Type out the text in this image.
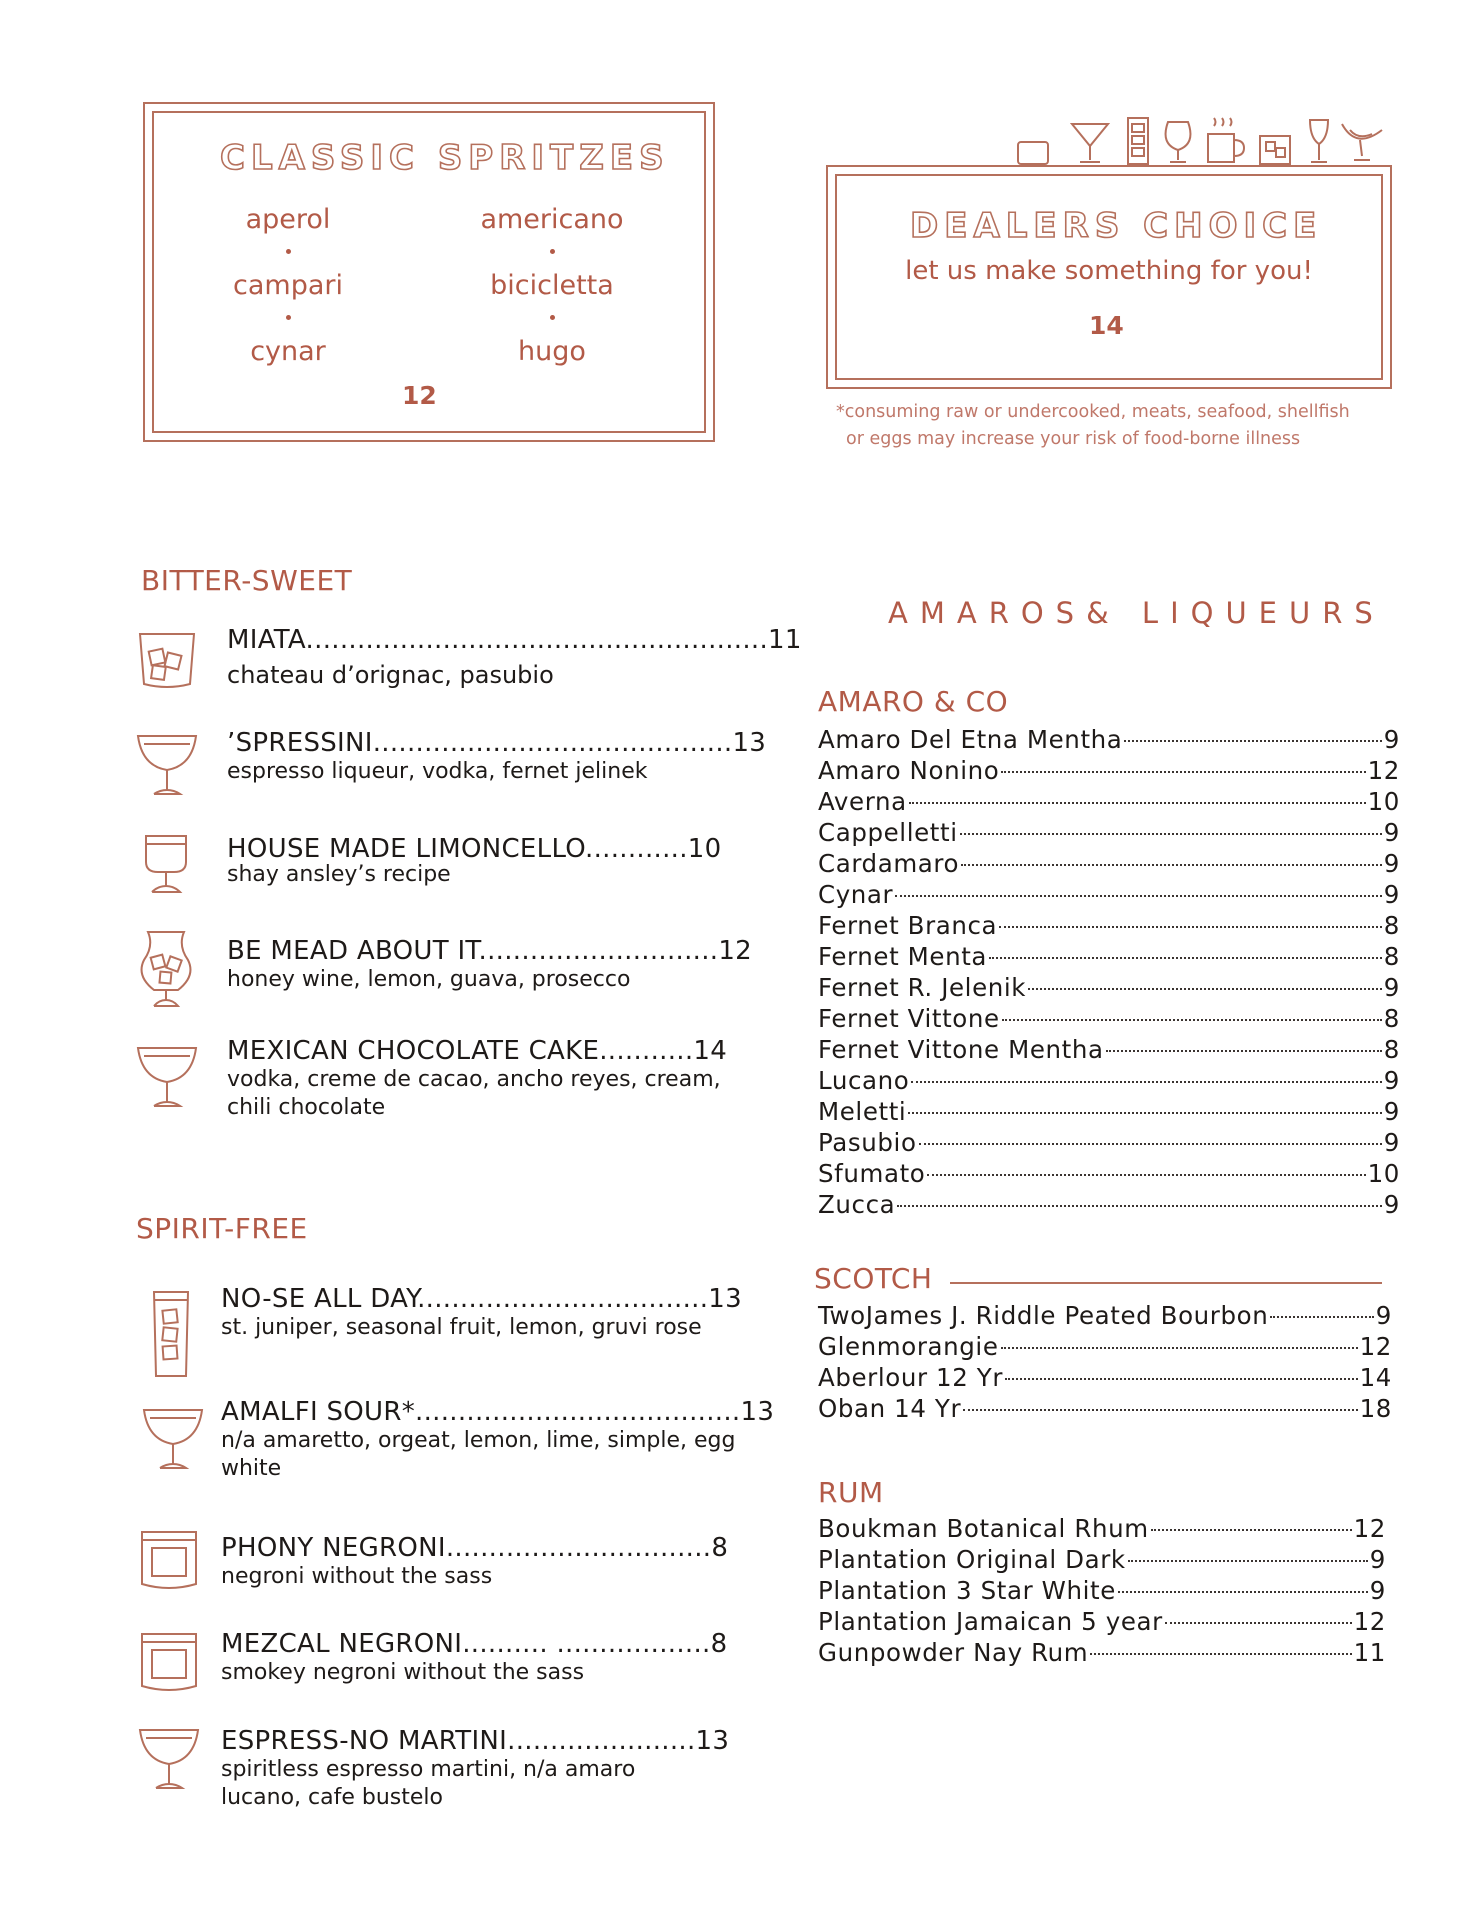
CLASSIC SPRITZES
aperol
campari
cynar
americano
bicicletta
hugo
12
DEALERS CHOICE
let us make something for you!
14
*consuming raw or undercooked, meats, seafood, shellfish
or eggs may increase your risk of food-borne illness
BITTER-SWEET
MIATA......................................................11
chateau d’orignac, pasubio
’SPRESSINI..........................................13
espresso liqueur, vodka, fernet jelinek
HOUSE MADE LIMONCELLO............10
shay ansley’s recipe
BE MEAD ABOUT IT............................12
honey wine, lemon, guava, prosecco
MEXICAN CHOCOLATE CAKE...........14
vodka, creme de cacao, ancho reyes, cream, chili chocolate
SPIRIT-FREE
NO-SE ALL DAY..................................13
st. juniper, seasonal fruit, lemon, gruvi rose
AMALFI SOUR*......................................13
n/a amaretto, orgeat, lemon, lime, simple, egg white
PHONY NEGRONI...............................8
negroni without the sass
MEZCAL NEGRONI.......... ..................8
smokey negroni without the sass
ESPRESS-NO MARTINI......................13
spiritless espresso martini, n/a amaro lucano, cafe bustelo
AMAROS& LIQUEURS
AMARO & CO
Amaro Del Etna Mentha	9
Amaro Nonino	12
Averna	10
Cappelletti	9
Cardamaro	9
Cynar	9
Fernet Branca	8
Fernet Menta	8
Fernet R. Jelenik	9
Fernet Vittone	8
Fernet Vittone Mentha	8
Lucano	9
Meletti	9
Pasubio	9
Sfumato	10
Zucca	9
SCOTCH
TwoJames J. Riddle Peated Bourbon	9
Glenmorangie	12
Aberlour 12 Yr	14
Oban 14 Yr	18
RUM
Boukman Botanical Rhum	12
Plantation Original Dark	9
Plantation 3 Star White	9
Plantation Jamaican 5 year	12
Gunpowder Nay Rum	11
